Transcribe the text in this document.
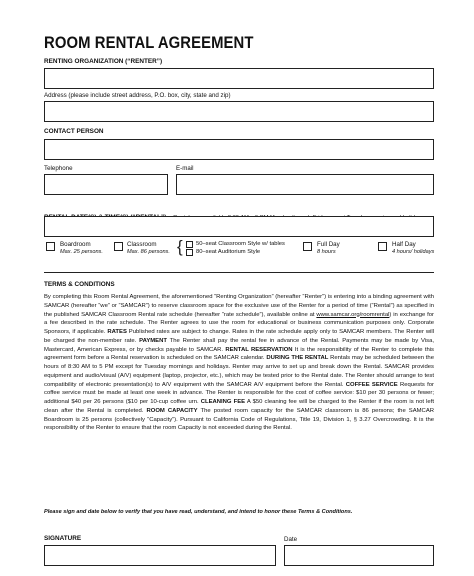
ROOM RENTAL AGREEMENT
RENTING ORGANIZATION (“RENTER”)
Address (please include street address, P.O. box, city, state and zip)
CONTACT PERSON
Telephone	E-mail
Boardroom
Max. 25 persons.
Classroom
Max. 86 persons. { 50–seat Classroom Style w/ tables
80–seat Auditorium Style
Full Day
8 hours
Half Day
4 hours/ holidays
TERMS & CONDITIONS
By completing this Room Rental Agreement, the aforementioned “Renting Organization” (hereafter “Renter”) is entering into a binding agreement with SAMCAR (hereafter “we” or “SAMCAR”) to reserve classroom space for the exclusive use of the Renter for a period of time (“Rental”) as specified in the published SAMCAR Classroom Rental rate schedule (hereafter “rate schedule”), available online at www.samcar.org/roomrental) in exchange for a fee described in the rate schedule. The Renter agrees to use the room for educational or business communication purposes only. Corporate Sponsors, if applicable. RATES Published rates are subject to change. Rates in the rate schedule apply only to SAMCAR members. The Renter will be charged the non-member rate. PAYMENT The Renter shall pay the rental fee in advance of the Rental. Payments may be made by Visa, Mastercard, American Express, or by checks payable to SAMCAR. RENTAL RESERVATION It is the responsibility of the Renter to complete this agreement form before a Rental reservation is scheduled on the SAMCAR calendar. DURING THE RENTAL Rentals may be scheduled between the hours of 8:30 AM to 5 PM except for Tuesday mornings and holidays. Renter may arrive to set up and break down the Rental. SAMCAR provides equipment and audio/visual (A/V) equipment (laptop, projector, etc.), which may be tested prior to the Rental date. The Renter should arrange to test compatibility of electronic presentation(s) to A/V equipment with the SAMCAR A/V equipment before the Rental. COFFEE SERVICE Requests for coffee service must be made at least one week in advance. The Renter is responsible for the cost of coffee service: $10 per 30 persons or fewer; additional $40 per 26 persons ($10 per 10-cup coffee urn. CLEANING FEE A $50 cleaning fee will be charged to the Renter if the room is not left clean after the Rental is completed. ROOM CAPACITY The posted room capacity for the SAMCAR classroom is 86 persons; the SAMCAR Boardroom is 25 persons (collectively “Capacity”). Pursuant to California Code of Regulations, Title 19, Division 1, § 3.27 Overcrowding. It is the responsibility of the Renter to ensure that the room Capacity is not exceeded during the Rental.
Please sign and date below to verify that you have read, understand, and intend to honor these Terms & Conditions.
SIGNATURE	Date
